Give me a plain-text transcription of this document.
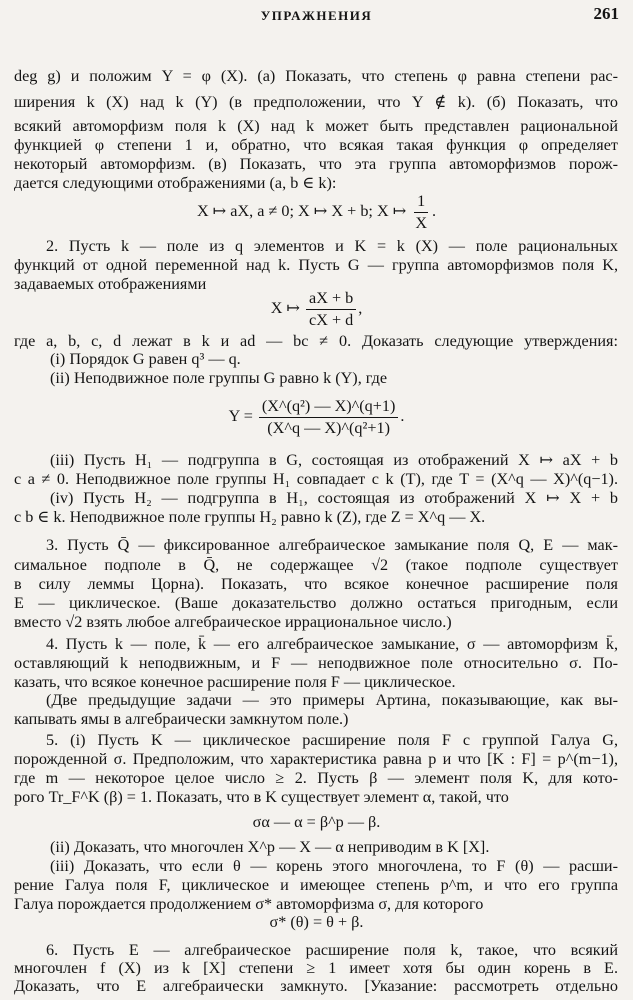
УПРАЖНЕНИЯ	261
deg g) и положим Y = φ (X). (а) Показать, что степень φ равна степени рас-
ширения k (X) над k (Y) (в предположении, что Y ∉ k). (б) Показать, что
всякий автоморфизм поля k (X) над k может быть представлен рациональной
функцией φ степени 1 и, обратно, что всякая такая функция φ определяет
некоторый автоморфизм. (в) Показать, что эта группа автоморфизмов порож-
дается следующими отображениями (a, b ∈ k):
X ↦ aX, a ≠ 0; X ↦ X + b; X ↦ $\frac{1}{X}$ .
2. Пусть k — поле из q элементов и K = k (X) — поле рациональных
функций от одной переменной над k. Пусть G — группа автоморфизмов поля K,
задаваемых отображениями
X ↦ $\frac{aX + b}{cX + d}$ ,
где a, b, c, d лежат в k и ad — bc ≠ 0. Доказать следующие утверждения:
(i) Порядок G равен q³ — q.
(ii) Неподвижное поле группы G равно k (Y), где
$Y = \frac{\text{(X\textasciicircum{}(q²) — X)\textasciicircum{}(q+1)}}{\text{(X\textasciicircum{}q — X)\textasciicircum{}(q²+1)}}$ .
(iii) Пусть H₁ — подгруппа в G, состоящая из отображений X ↦ aX + b
с a ≠ 0. Неподвижное поле группы H₁ совпадает с k (T), где T = (X^q — X)^(q−1).
(iv) Пусть H₂ — подгруппа в H₁, состоящая из отображений X ↦ X + b
с b ∈ k. Неподвижное поле группы H₂ равно k (Z), где Z = X^q — X.
3. Пусть Q̄ — фиксированное алгебраическое замыкание поля Q, E — мак-
симальное подполе в Q̄, не содержащее √2 (такое подполе существует
в силу леммы Цорна). Показать, что всякое конечное расширение поля
E — циклическое. (Ваше доказательство должно остаться пригодным, если
вместо √2 взять любое алгебраическое иррациональное число.)
4. Пусть k — поле, k̄ — его алгебраическое замыкание, σ — автоморфизм k̄,
оставляющий k неподвижным, и F — неподвижное поле относительно σ. По-
казать, что всякое конечное расширение поля F — циклическое.
(Две предыдущие задачи — это примеры Артина, показывающие, как вы-
капывать ямы в алгебраически замкнутом поле.)
5. (i) Пусть K — циклическое расширение поля F с группой Галуа G,
порожденной σ. Предположим, что характеристика равна p и что [K : F] = p^(m−1),
где m — некоторое целое число ≥ 2. Пусть β — элемент поля K, для кото-
рого Tr_F^K (β) = 1. Показать, что в K существует элемент α, такой, что
σα — α = β^p — β.
(ii) Доказать, что многочлен X^p — X — α неприводим в K [X].
(iii) Доказать, что если θ — корень этого многочлена, то F (θ) — расши-
рение Галуа поля F, циклическое и имеющее степень p^m, и что его группа
Галуа порождается продолжением σ* автоморфизма σ, для которого
σ* (θ) = θ + β.
6. Пусть E — алгебраическое расширение поля k, такое, что всякий
многочлен f (X) из k [X] степени ≥ 1 имеет хотя бы один корень в E.
Доказать, что E алгебраически замкнуто. [Указание: рассмотреть отдельно
